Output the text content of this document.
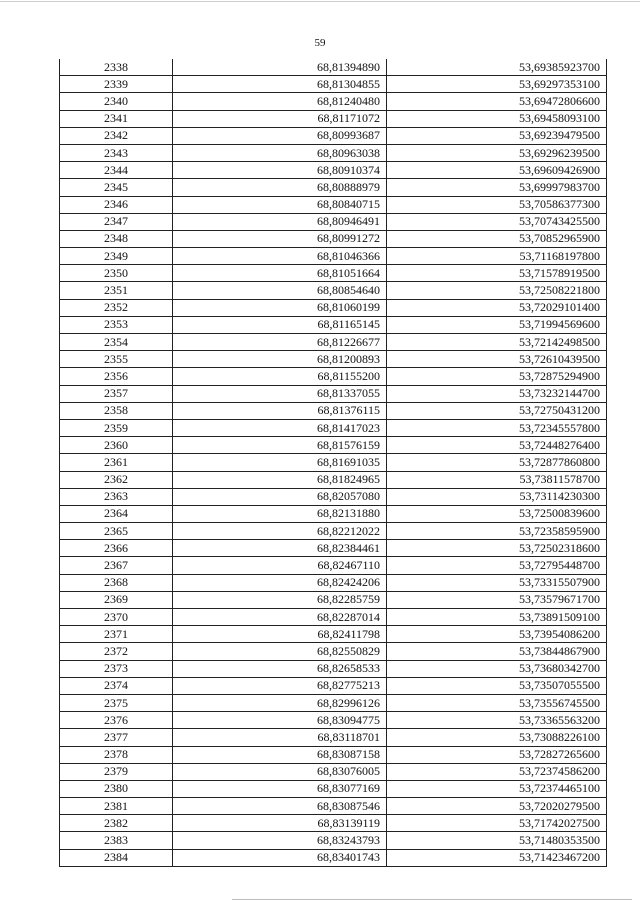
59
2338	68,81394890	53,69385923700
2339	68,81304855	53,69297353100
2340	68,81240480	53,69472806600
2341	68,81171072	53,69458093100
2342	68,80993687	53,69239479500
2343	68,80963038	53,69296239500
2344	68,80910374	53,69609426900
2345	68,80888979	53,69997983700
2346	68,80840715	53,70586377300
2347	68,80946491	53,70743425500
2348	68,80991272	53,70852965900
2349	68,81046366	53,71168197800
2350	68,81051664	53,71578919500
2351	68,80854640	53,72508221800
2352	68,81060199	53,72029101400
2353	68,81165145	53,71994569600
2354	68,81226677	53,72142498500
2355	68,81200893	53,72610439500
2356	68,81155200	53,72875294900
2357	68,81337055	53,73232144700
2358	68,81376115	53,72750431200
2359	68,81417023	53,72345557800
2360	68,81576159	53,72448276400
2361	68,81691035	53,72877860800
2362	68,81824965	53,73811578700
2363	68,82057080	53,73114230300
2364	68,82131880	53,72500839600
2365	68,82212022	53,72358595900
2366	68,82384461	53,72502318600
2367	68,82467110	53,72795448700
2368	68,82424206	53,73315507900
2369	68,82285759	53,73579671700
2370	68,82287014	53,73891509100
2371	68,82411798	53,73954086200
2372	68,82550829	53,73844867900
2373	68,82658533	53,73680342700
2374	68,82775213	53,73507055500
2375	68,82996126	53,73556745500
2376	68,83094775	53,73365563200
2377	68,83118701	53,73088226100
2378	68,83087158	53,72827265600
2379	68,83076005	53,72374586200
2380	68,83077169	53,72374465100
2381	68,83087546	53,72020279500
2382	68,83139119	53,71742027500
2383	68,83243793	53,71480353500
2384	68,83401743	53,71423467200
